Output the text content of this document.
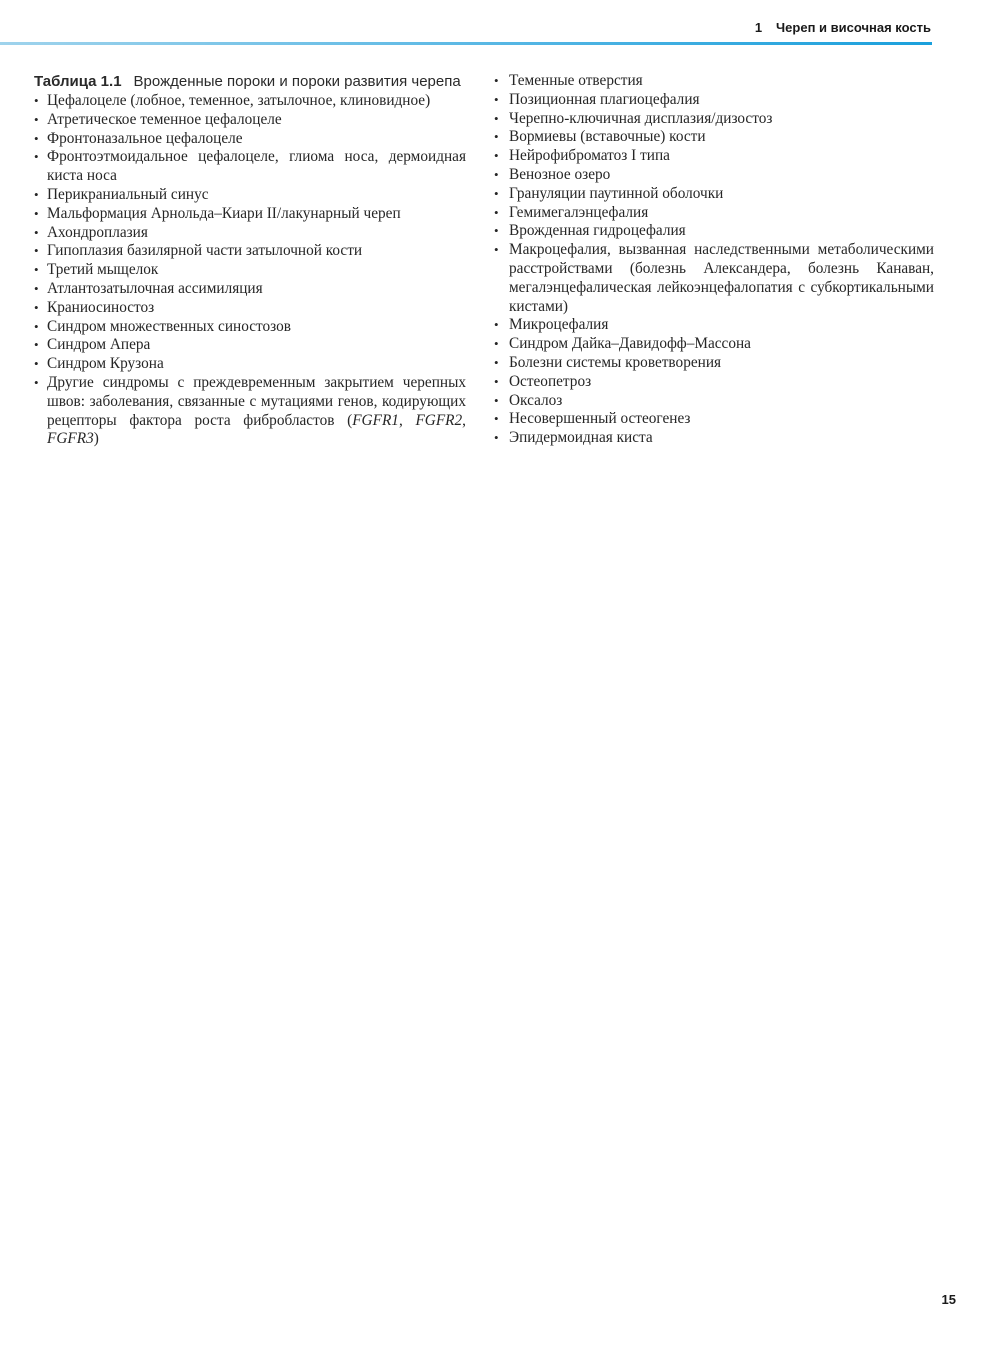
1 Череп и височная кость
Таблица 1.1 Врожденные пороки и пороки развития черепа
• Цефалоцеле (лобное, теменное, затылочное, клиновидное)
• Атретическое теменное цефалоцеле
• Фронтоназальное цефалоцеле
• Фронтоэтмоидальное цефалоцеле, глиома носа, дермоидная киста носа
• Перикраниальный синус
• Мальформация Арнольда–Киари II/лакунарный череп
• Ахондроплазия
• Гипоплазия базилярной части затылочной кости
• Третий мыщелок
• Атлантозатылочная ассимиляция
• Краниосиностоз
• Синдром множественных синостозов
• Синдром Апера
• Синдром Крузона
• Другие синдромы с преждевременным закрытием черепных швов: заболевания, связанные с мутациями генов, кодирующих рецепторы фактора роста фибробластов (FGFR1, FGFR2, FGFR3)
• Теменные отверстия
• Позиционная плагиоцефалия
• Черепно-ключичная дисплазия/дизостоз
• Вормиевы (вставочные) кости
• Нейрофиброматоз I типа
• Венозное озеро
• Грануляции паутинной оболочки
• Гемимегалэнцефалия
• Врожденная гидроцефалия
• Макроцефалия, вызванная наследственными метаболическими расстройствами (болезнь Александера, болезнь Канаван, мегалэнцефалическая лейкоэнцефалопатия с субкортикальными кистами)
• Микроцефалия
• Синдром Дайка–Давидофф–Массона
• Болезни системы кроветворения
• Остеопетроз
• Оксалоз
• Несовершенный остеогенез
• Эпидермоидная киста
15
